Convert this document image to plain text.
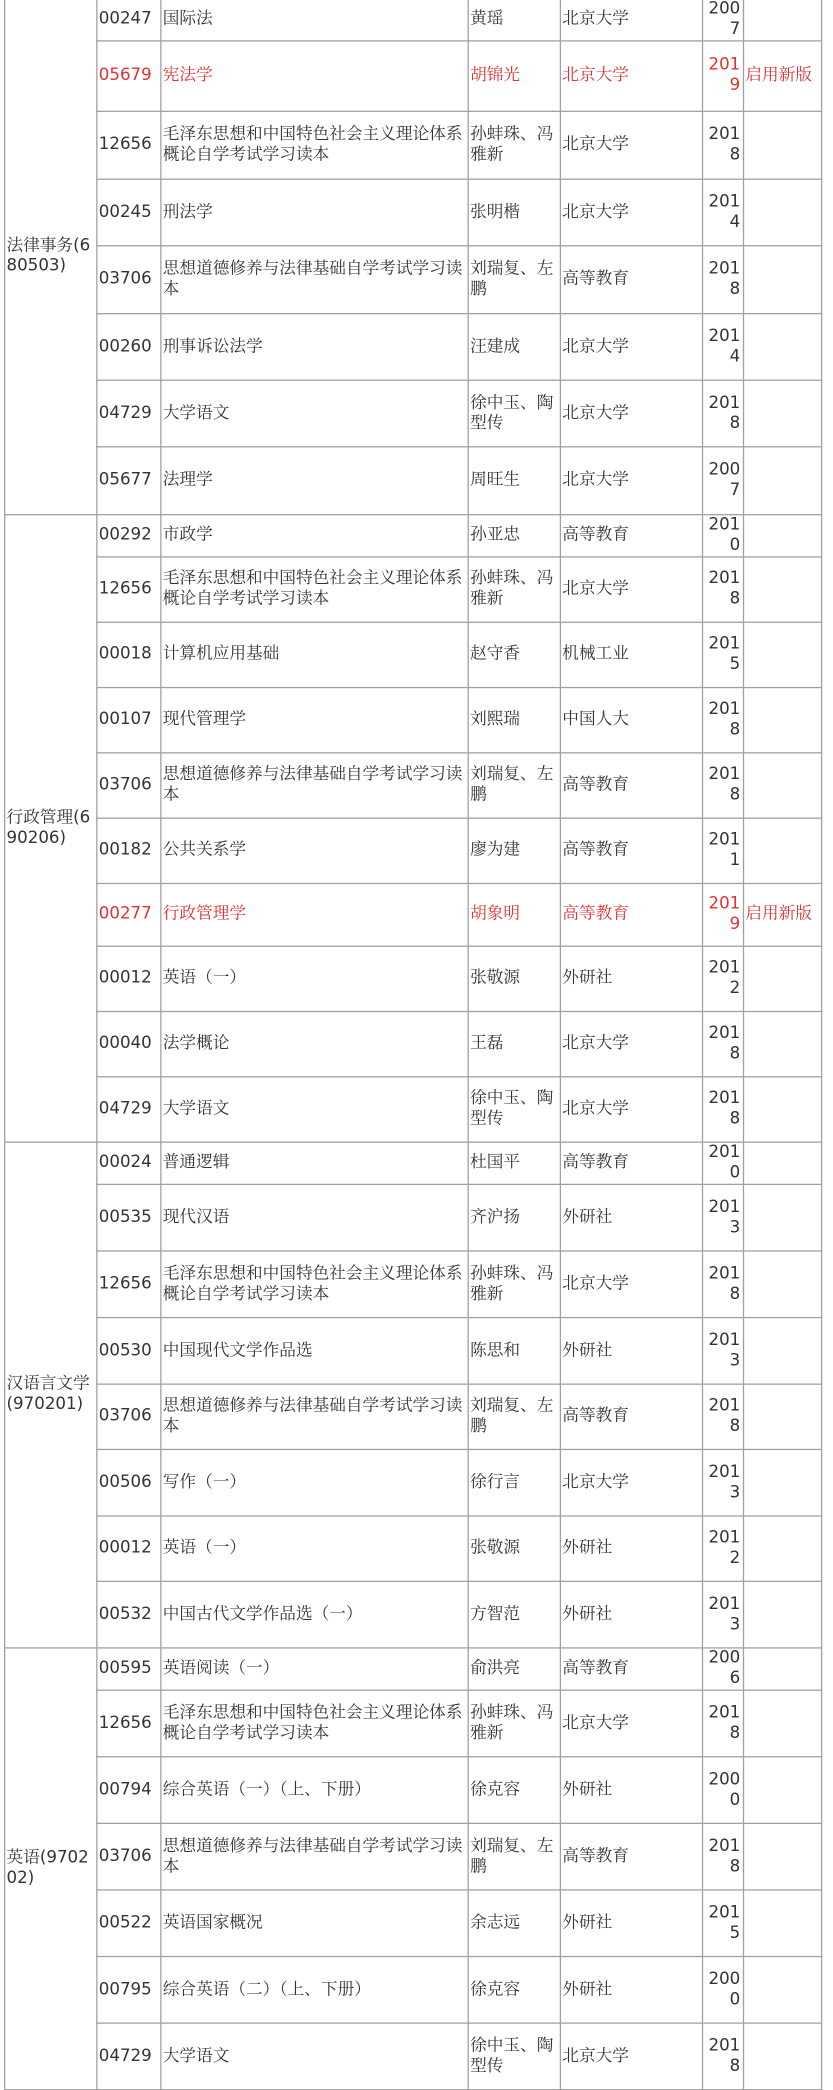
法律事务(680503)	00247	国际法	黄瑶	北京大学	2007	
	05679	宪法学	胡锦光	北京大学	2019	启用新版
	12656	毛泽东思想和中国特色社会主义理论体系概论自学考试学习读本	孙蚌珠、冯雅新	北京大学	2018	
	00245	刑法学	张明楷	北京大学	2014	
	03706	思想道德修养与法律基础自学考试学习读本	刘瑞复、左鹏	高等教育	2018	
	00260	刑事诉讼法学	汪建成	北京大学	2014	
	04729	大学语文	徐中玉、陶型传	北京大学	2018	
	05677	法理学	周旺生	北京大学	2007	
行政管理(690206)	00292	市政学	孙亚忠	高等教育	2010	
	12656	毛泽东思想和中国特色社会主义理论体系概论自学考试学习读本	孙蚌珠、冯雅新	北京大学	2018	
	00018	计算机应用基础	赵守香	机械工业	2015	
	00107	现代管理学	刘熙瑞	中国人大	2018	
	03706	思想道德修养与法律基础自学考试学习读本	刘瑞复、左鹏	高等教育	2018	
	00182	公共关系学	廖为建	高等教育	2011	
	00277	行政管理学	胡象明	高等教育	2019	启用新版
	00012	英语（一）	张敬源	外研社	2012	
	00040	法学概论	王磊	北京大学	2018	
	04729	大学语文	徐中玉、陶型传	北京大学	2018	
汉语言文学(970201)	00024	普通逻辑	杜国平	高等教育	2010	
	00535	现代汉语	齐沪扬	外研社	2013	
	12656	毛泽东思想和中国特色社会主义理论体系概论自学考试学习读本	孙蚌珠、冯雅新	北京大学	2018	
	00530	中国现代文学作品选	陈思和	外研社	2013	
	03706	思想道德修养与法律基础自学考试学习读本	刘瑞复、左鹏	高等教育	2018	
	00506	写作（一）	徐行言	北京大学	2013	
	00012	英语（一）	张敬源	外研社	2012	
	00532	中国古代文学作品选（一）	方智范	外研社	2013	
英语(970202)	00595	英语阅读（一）	俞洪亮	高等教育	2006	
	12656	毛泽东思想和中国特色社会主义理论体系概论自学考试学习读本	孙蚌珠、冯雅新	北京大学	2018	
	00794	综合英语（一）（上、下册）	徐克容	外研社	2000	
	03706	思想道德修养与法律基础自学考试学习读本	刘瑞复、左鹏	高等教育	2018	
	00522	英语国家概况	余志远	外研社	2015	
	00795	综合英语（二）（上、下册）	徐克容	外研社	2000	
	04729	大学语文	徐中玉、陶型传	北京大学	2018	
